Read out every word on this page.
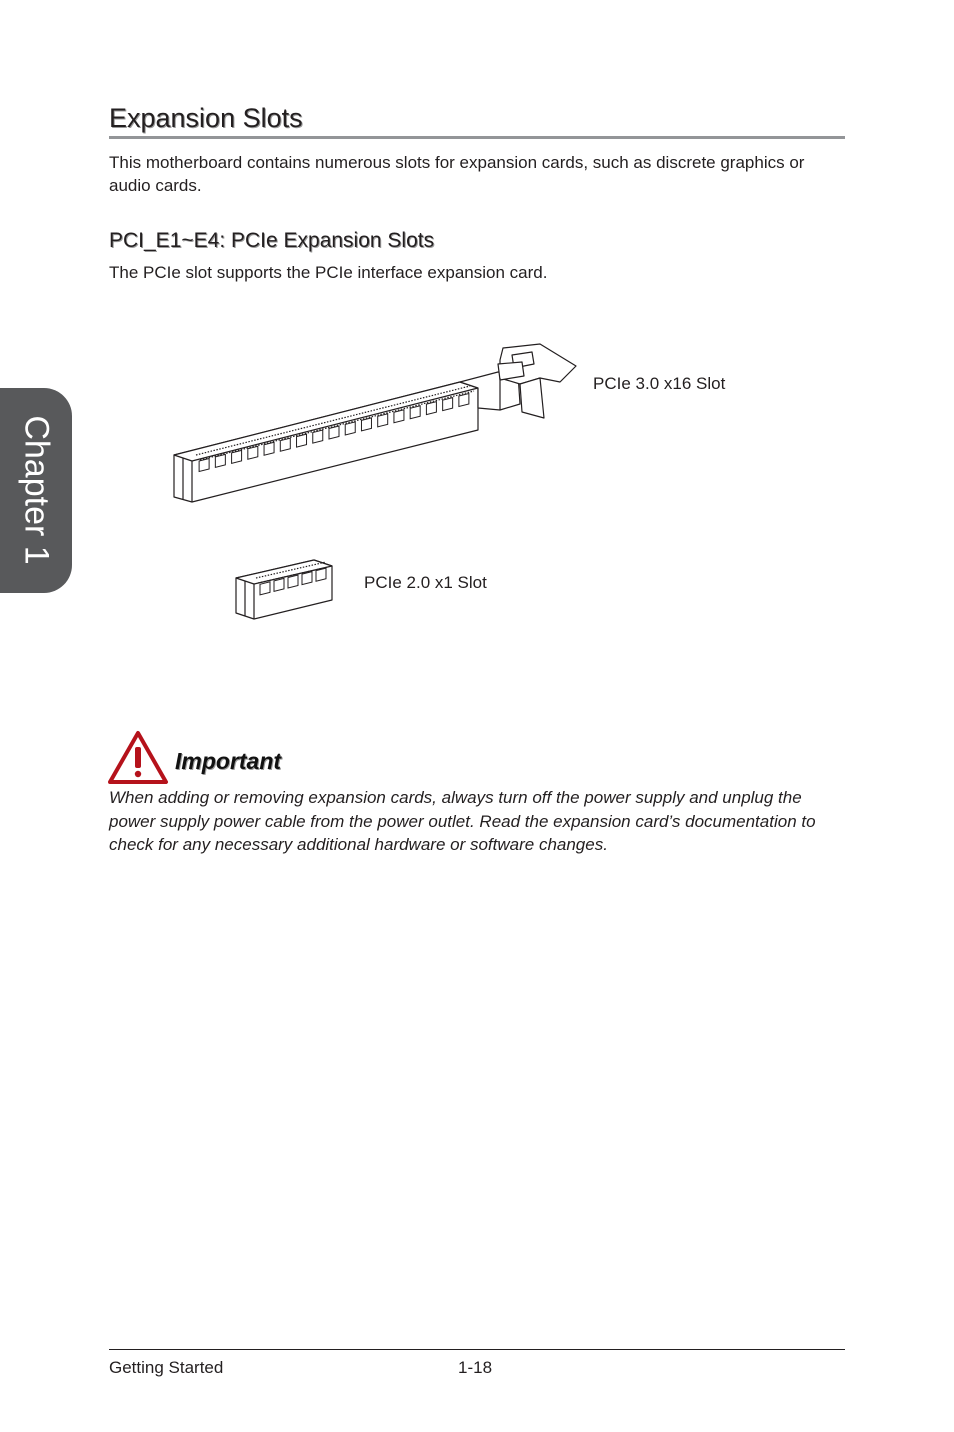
Chapter 1
Expansion Slots

This motherboard contains numerous slots for expansion cards, such as discrete graphics or audio cards.

PCI_E1~E4: PCIe Expansion Slots

The PCIe slot supports the PCIe interface expansion card.

PCIe 3.0 x16 Slot
PCIe 2.0 x1 Slot
Important

When adding or removing expansion cards, always turn off the power supply and unplug the power supply power cable from the power outlet. Read the expansion card’s documentation to check for any necessary additional hardware or software changes.

Getting Started	1-18
